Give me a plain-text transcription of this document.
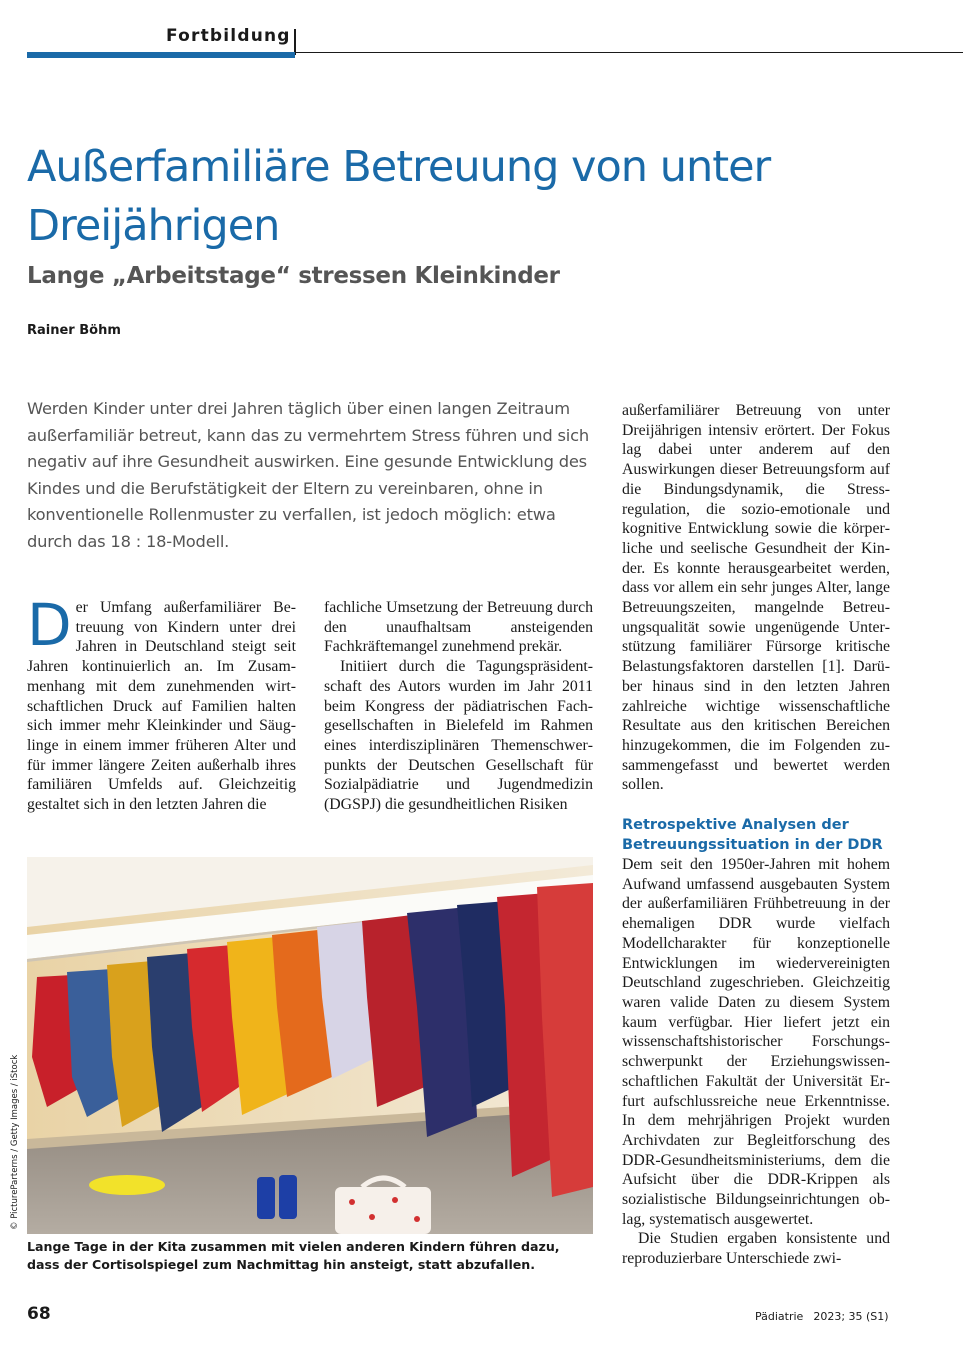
Fortbildung
Außerfamiliäre Betreuung von unter Dreijährigen
Lange „Arbeitstage“ stressen Kleinkinder
Rainer Böhm

Werden Kinder unter drei Jahren täglich über einen langen Zeitraum außerfamiliär betreut, kann das zu vermehrtem Stress führen und sich negativ auf ihre Gesundheit auswirken. Eine gesunde Entwicklung des Kindes und die Berufstätigkeit der Eltern zu vereinbaren, ohne in konventionelle Rollenmuster zu verfallen, ist jedoch möglich: etwa durch das 18 : 18-Modell.

Der Umfang außerfamiliärer Betreuung von Kindern unter drei Jahren in Deutschland steigt seit Jahren kontinuierlich an. Im Zusammenhang mit dem zunehmenden wirtschaftlichen Druck auf Familien halten sich immer mehr Kleinkinder und Säuglinge in einem immer früheren Alter und für immer längere Zeiten außerhalb ihres familiären Umfelds auf. Gleichzeitig gestaltet sich in den letzten Jahren die

fachliche Umsetzung der Betreuung durch den unaufhaltsam ansteigenden Fachkräftemangel zunehmend prekär.

Initiiert durch die Tagungspräsidentschaft des Autors wurden im Jahr 2011 beim Kongress der pädiatrischen Fachgesellschaften in Bielefeld im Rahmen eines interdisziplinären Themenschwerpunkts der Deutschen Gesellschaft für Sozialpädiatrie und Jugendmedizin (DGSPJ) die gesundheitlichen Risiken

außerfamiliärer Betreuung von unter Dreijährigen intensiv erörtert. Der Fokus lag dabei unter anderem auf den Auswirkungen dieser Betreuungsform auf die Bindungsdynamik, die Stressregulation, die sozio-emotionale und kognitive Entwicklung sowie die körperliche und seelische Gesundheit der Kinder. Es konnte herausgearbeitet werden, dass vor allem ein sehr junges Alter, lange Betreuungszeiten, mangelnde Betreuungsqualität sowie ungenügende Unterstützung familiärer Fürsorge kritische Belastungsfaktoren darstellen [1]. Darüber hinaus sind in den letzten Jahren zahlreiche wichtige wissenschaftliche Resultate aus den kritischen Bereichen hinzugekommen, die im Folgenden zusammengefasst und bewertet werden sollen.

Retrospektive Analysen der Betreuungssituation in der DDR

Dem seit den 1950er-Jahren mit hohem Aufwand umfassend ausgebauten System der außerfamiliären Frühbetreuung in der ehemaligen DDR wurde vielfach Modellcharakter für konzeptionelle Entwicklungen im wiedervereinigten Deutschland zugeschrieben. Gleichzeitig waren valide Daten zu diesem System kaum verfügbar. Hier liefert jetzt ein wissenschaftshistorischer Forschungsschwerpunkt der Erziehungswissenschaftlichen Fakultät der Universität Erfurt aufschlussreiche neue Erkenntnisse. In dem mehrjährigen Projekt wurden Archivdaten zur Begleitforschung des DDR-Gesundheitsministeriums, dem die Aufsicht über die DDR-Krippen als sozialistische Bildungseinrichtungen oblag, systematisch ausgewertet.

Die Studien ergaben konsistente und reproduzierbare Unterschiede zwi-

© PictureParterns / Getty Images / iStock

Lange Tage in der Kita zusammen mit vielen anderen Kindern führen dazu, dass der Cortisolspiegel zum Nachmittag hin ansteigt, statt abzufallen.

68	Pädiatrie 2023; 35 (S1)
